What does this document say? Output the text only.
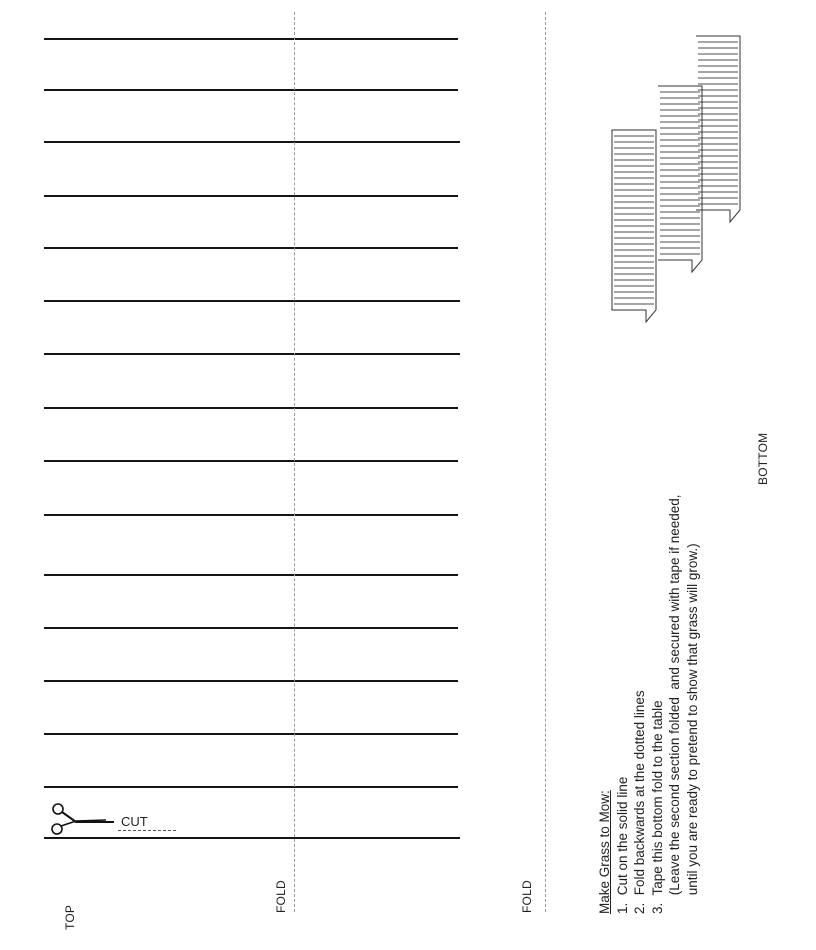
CUT
TOP
FOLD	FOLD
BOTTOM
Make Grass to Mow: 1.  Cut on the solid line 2.  Fold backwards at the dotted lines 3.  Tape this bottom fold to the table (Leave the second section folded  and secured with tape if needed, until you are ready to pretend to show that grass will grow.)
